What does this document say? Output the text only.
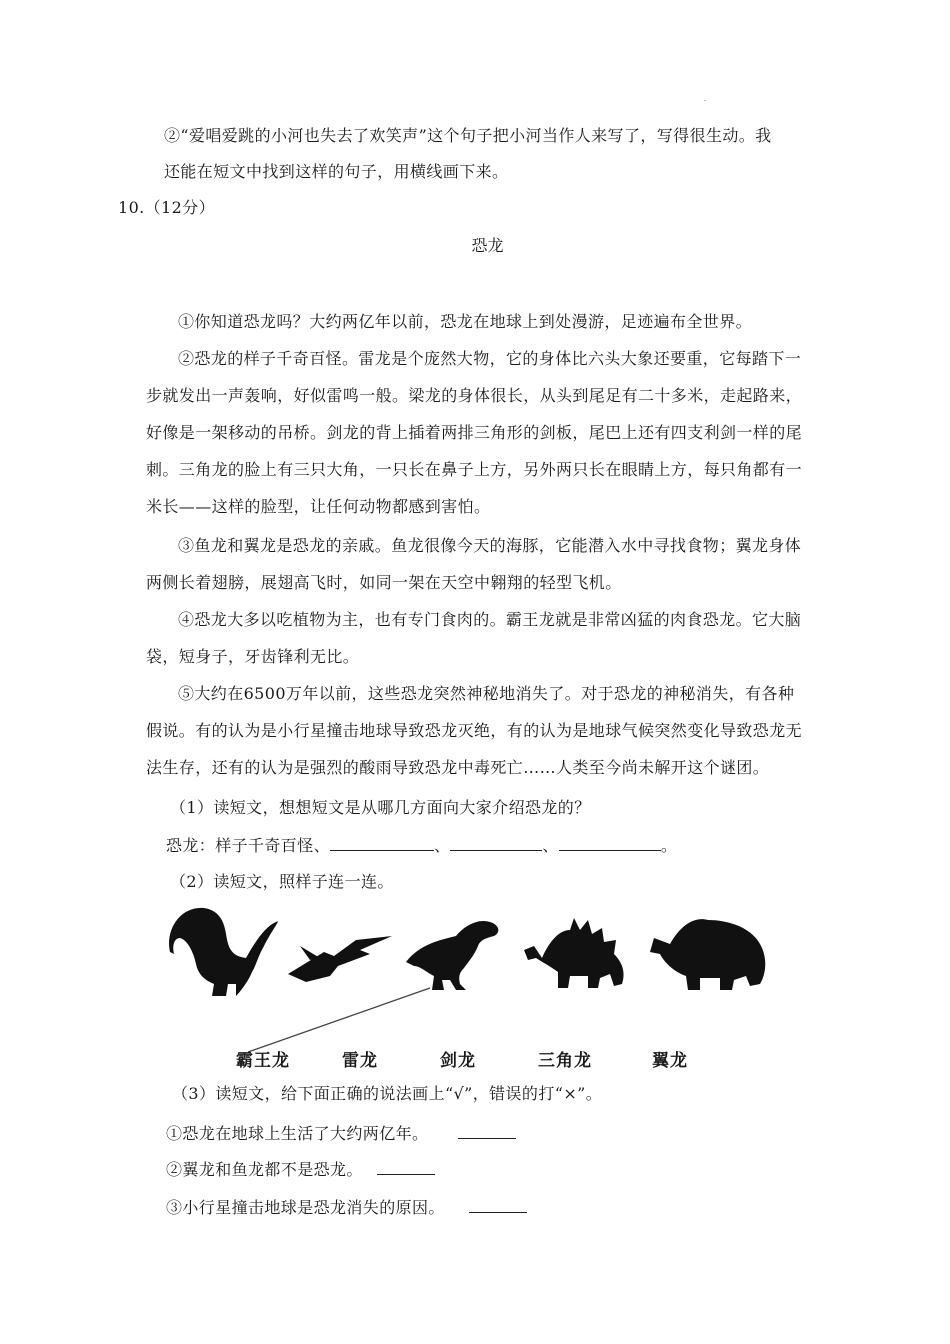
②“爱唱爱跳的小河也失去了欢笑声”这个句子把小河当作人来写了，写得很生动。我
还能在短文中找到这样的句子，用横线画下来。
10.（12分）
恐龙
①你知道恐龙吗？大约两亿年以前，恐龙在地球上到处漫游，足迹遍布全世界。
②恐龙的样子千奇百怪。雷龙是个庞然大物，它的身体比六头大象还要重，它每踏下一
步就发出一声轰响，好似雷鸣一般。梁龙的身体很长，从头到尾足有二十多米，走起路来，
好像是一架移动的吊桥。剑龙的背上插着两排三角形的剑板，尾巴上还有四支利剑一样的尾
刺。三角龙的脸上有三只大角，一只长在鼻子上方，另外两只长在眼睛上方，每只角都有一
米长——这样的脸型，让任何动物都感到害怕。
③鱼龙和翼龙是恐龙的亲戚。鱼龙很像今天的海豚，它能潜入水中寻找食物；翼龙身体
两侧长着翅膀，展翅高飞时，如同一架在天空中翱翔的轻型飞机。
④恐龙大多以吃植物为主，也有专门食肉的。霸王龙就是非常凶猛的肉食恐龙。它大脑
袋，短身子，牙齿锋利无比。
⑤大约在6500万年以前，这些恐龙突然神秘地消失了。对于恐龙的神秘消失，有各种
假说。有的认为是小行星撞击地球导致恐龙灭绝，有的认为是地球气候突然变化导致恐龙无
法生存，还有的认为是强烈的酸雨导致恐龙中毒死亡……人类至今尚未解开这个谜团。
（1）读短文，想想短文是从哪几方面向大家介绍恐龙的？
恐龙：样子千奇百怪、	、	、	。
（2）读短文，照样子连一连。
霸王龙	雷龙	剑龙	三角龙	翼龙
（3）读短文，给下面正确的说法画上“√”，错误的打“×”。
①恐龙在地球上生活了大约两亿年。
②翼龙和鱼龙都不是恐龙。
③小行星撞击地球是恐龙消失的原因。
